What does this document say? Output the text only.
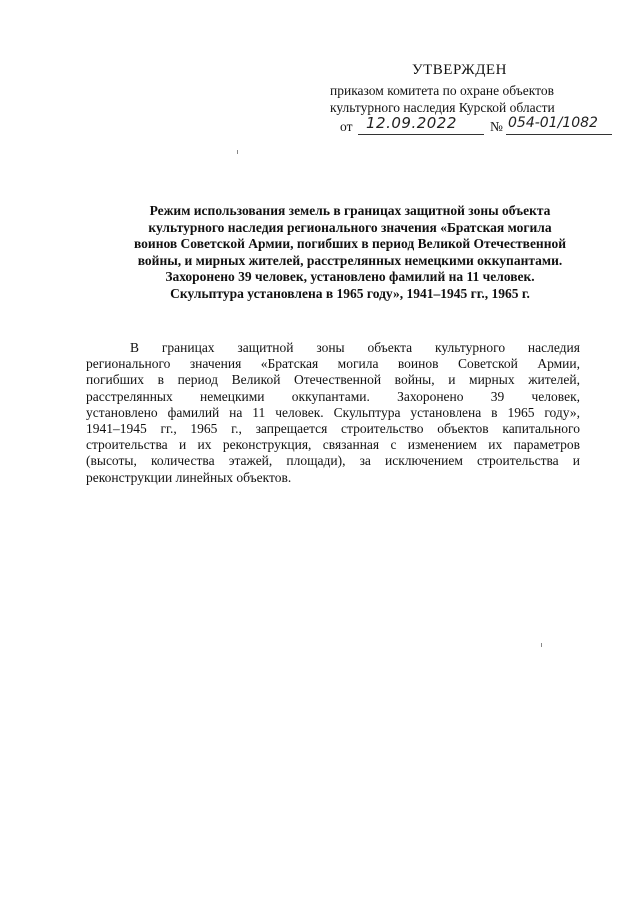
УТВЕРЖДЕН
приказом комитета по охране объектов
культурного наследия Курской области
от 12.09.2022 № 054-01/1082
Режим использования земель в границах защитной зоны объекта
культурного наследия регионального значения «Братская могила
воинов Советской Армии, погибших в период Великой Отечественной
войны, и мирных жителей, расстрелянных немецкими оккупантами.
Захоронено 39 человек, установлено фамилий на 11 человек.
Скульптура установлена в 1965 году», 1941–1945 гг., 1965 г.
В границах защитной зоны объекта культурного наследия
регионального значения «Братская могила воинов Советской Армии,
погибших в период Великой Отечественной войны, и мирных жителей,
расстрелянных немецкими оккупантами. Захоронено 39 человек,
установлено фамилий на 11 человек. Скульптура установлена в 1965 году»,
1941–1945 гг., 1965 г., запрещается строительство объектов капитального
строительства и их реконструкция, связанная с изменением их параметров
(высоты, количества этажей, площади), за исключением строительства и
реконструкции линейных объектов.
